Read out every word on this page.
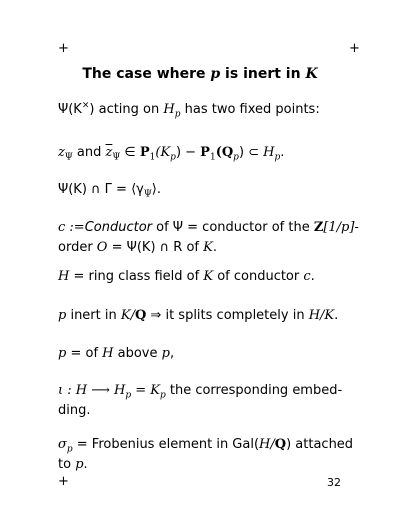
+	+
The case where p is inert in K
Ψ(K×) acting on $H_p$ has two fixed points:
$z_\Psi$ and $\overline{z}_\Psi$ ∈ $P_1(K_p) - P_1(Q_p)$ ⊂ $H_p$.
Ψ(K) ∩ $\Gamma = ⟨\gamma_\Psi⟩$.
c :=Conductor of Ψ = conductor of the Z[1/p]-
order O = Ψ(K) ∩ R of K.
H = ring class field of K of conductor c.
p inert in K/Q ⇒ it splits completely in H/K.
p = of H above p,
ι : H ⟶ $H_p = K_p$ the corresponding embed-
ding.
$\sigma_p$ = Frobenius element in Gal(H/Q) attached
to p.
+	32
